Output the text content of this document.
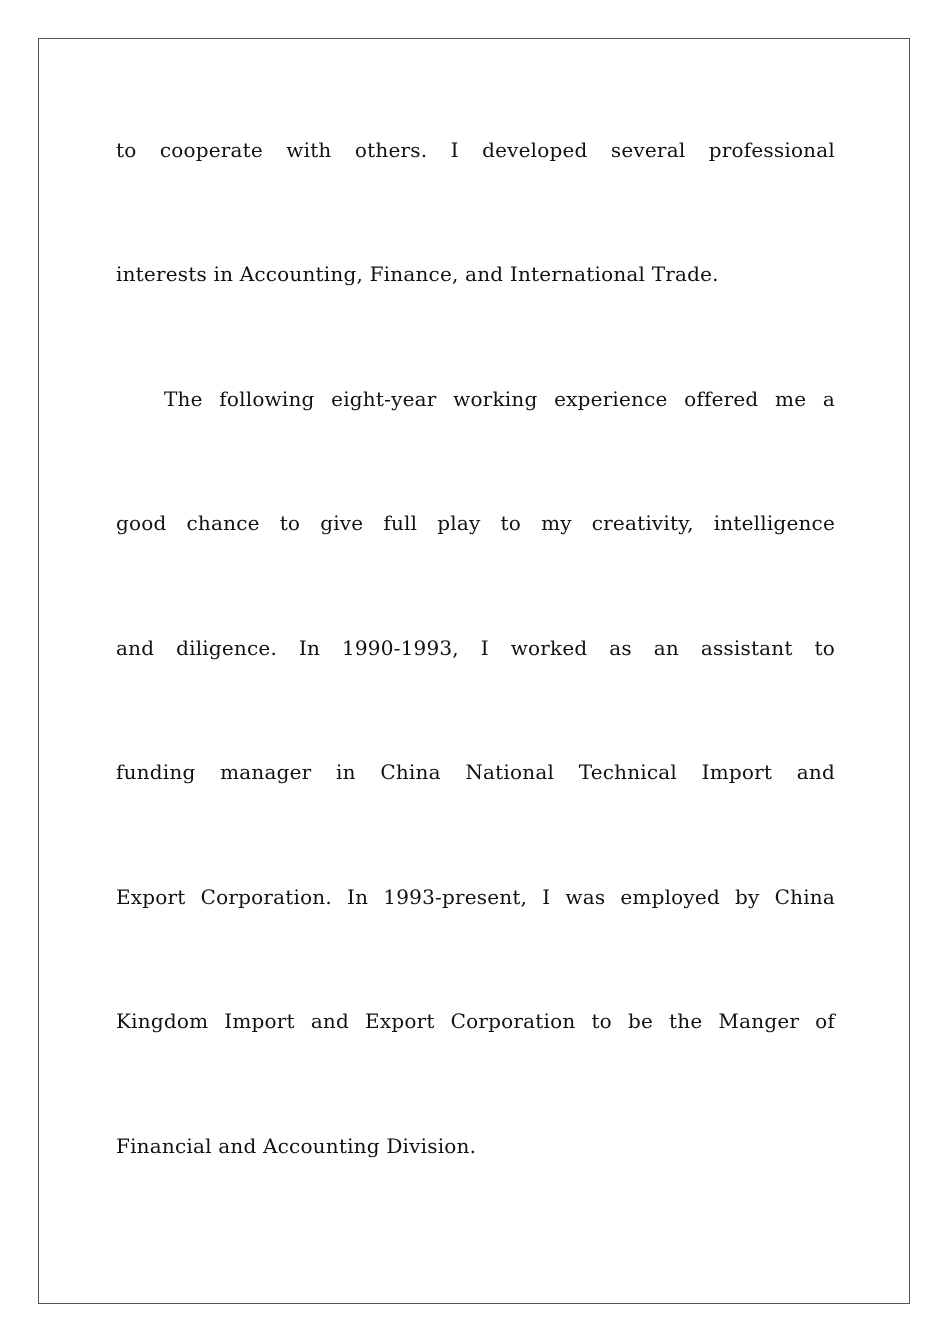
to cooperate with others. I developed several professional
interests in Accounting, Finance, and International Trade.
The following eight-year working experience offered me a
good chance to give full play to my creativity, intelligence
and diligence. In 1990-1993, I worked as an assistant to
funding manager in China National Technical Import and
Export Corporation. In 1993-present, I was employed by China
Kingdom Import and Export Corporation to be the Manger of
Financial and Accounting Division.
